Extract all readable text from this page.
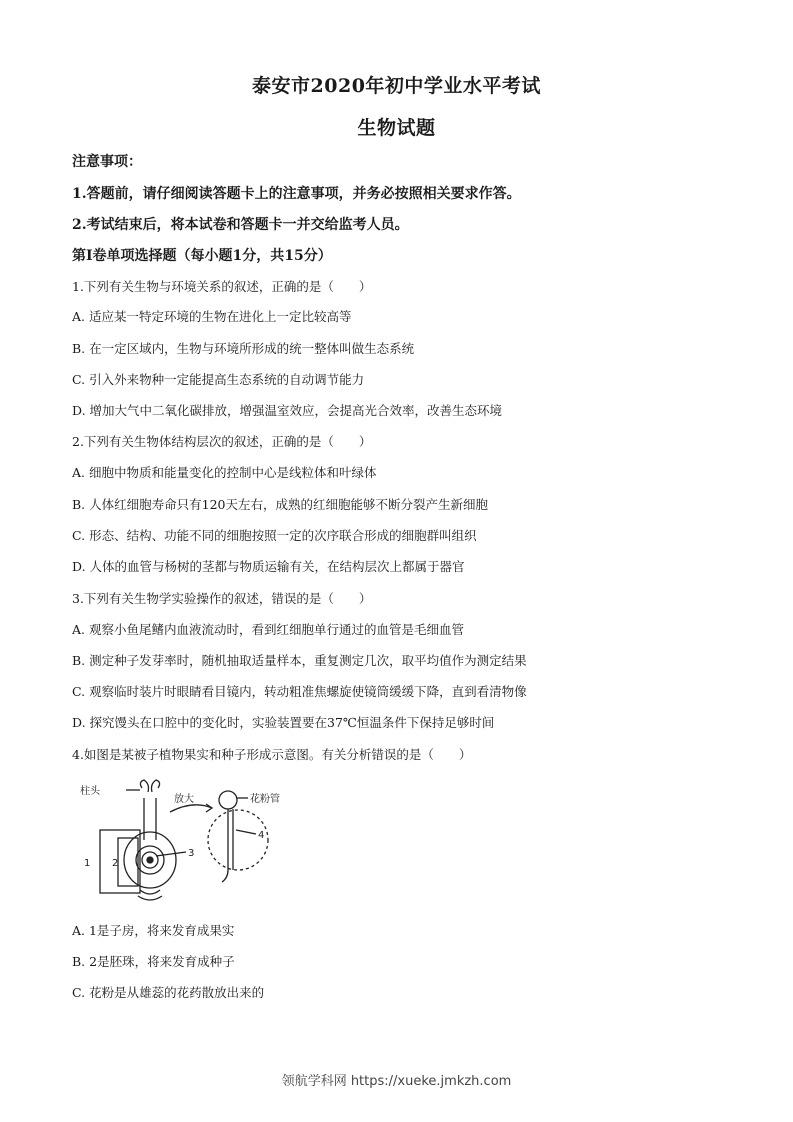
泰安市2020年初中学业水平考试
生物试题
注意事项：
1.答题前，请仔细阅读答题卡上的注意事项，并务必按照相关要求作答。
2.考试结束后，将本试卷和答题卡一并交给监考人员。
第Ⅰ卷单项选择题（每小题1分，共15分）
1.下列有关生物与环境关系的叙述，正确的是（　　）
A. 适应某一特定环境的生物在进化上一定比较高等
B. 在一定区域内，生物与环境所形成的统一整体叫做生态系统
C. 引入外来物种一定能提高生态系统的自动调节能力
D. 增加大气中二氧化碳排放，增强温室效应，会提高光合效率，改善生态环境
2.下列有关生物体结构层次的叙述，正确的是（　　）
A. 细胞中物质和能量变化的控制中心是线粒体和叶绿体
B. 人体红细胞寿命只有120天左右，成熟的红细胞能够不断分裂产生新细胞
C. 形态、结构、功能不同的细胞按照一定的次序联合形成的细胞群叫组织
D. 人体的血管与杨树的茎都与物质运输有关，在结构层次上都属于器官
3.下列有关生物学实验操作的叙述，错误的是（　　）
A. 观察小鱼尾鳍内血液流动时，看到红细胞单行通过的血管是毛细血管
B. 测定种子发芽率时，随机抽取适量样本，重复测定几次，取平均值作为测定结果
C. 观察临时装片时眼睛看目镜内，转动粗准焦螺旋使镜筒缓缓下降，直到看清物像
D. 探究馒头在口腔中的变化时，实验装置要在37℃恒温条件下保持足够时间
4.如图是某被子植物果实和种子形成示意图。有关分析错误的是（　　）
柱头
放大	花粉管
1 2
3
4
A. 1是子房，将来发育成果实
B. 2是胚珠，将来发育成种子
C. 花粉是从雄蕊的花药散放出来的
领航学科网 https://xueke.jmkzh.com
